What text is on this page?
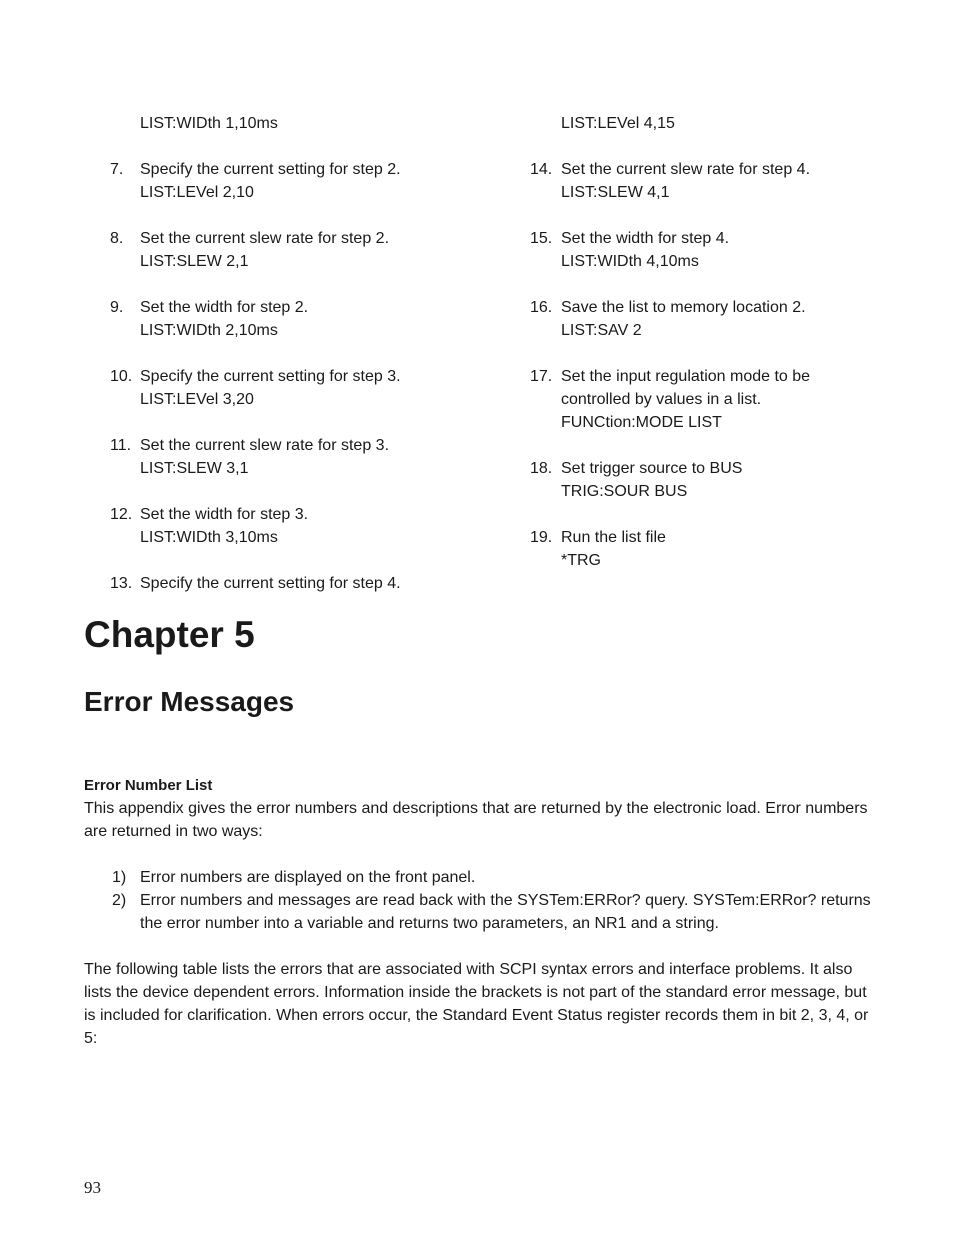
LIST:WIDth 1,10ms
7. Specify the current setting for step 2.
LIST:LEVel 2,10
8. Set the current slew rate for step 2.
LIST:SLEW 2,1
9. Set the width for step 2.
LIST:WIDth 2,10ms
10. Specify the current setting for step 3.
LIST:LEVel 3,20
11. Set the current slew rate for step 3.
LIST:SLEW 3,1
12. Set the width for step 3.
LIST:WIDth 3,10ms
13. Specify the current setting for step 4.
LIST:LEVel 4,15
14. Set the current slew rate for step 4.
LIST:SLEW 4,1
15. Set the width for step 4.
LIST:WIDth 4,10ms
16. Save the list to memory location 2.
LIST:SAV 2
17. Set the input regulation mode to be
controlled by values in a list.
FUNCtion:MODE LIST
18. Set trigger source to BUS
TRIG:SOUR BUS
19. Run the list file
*TRG
Chapter 5
Error Messages

Error Number List

This appendix gives the error numbers and descriptions that are returned by the electronic load. Error numbers are returned in two ways:

1) Error numbers are displayed on the front panel.
2) Error numbers and messages are read back with the SYSTem:ERRor? query. SYSTem:ERRor? returns the error number into a variable and returns two parameters, an NR1 and a string.

The following table lists the errors that are associated with SCPI syntax errors and interface problems. It also lists the device dependent errors. Information inside the brackets is not part of the standard error message, but is included for clarification. When errors occur, the Standard Event Status register records them in bit 2, 3, 4, or 5:

93
